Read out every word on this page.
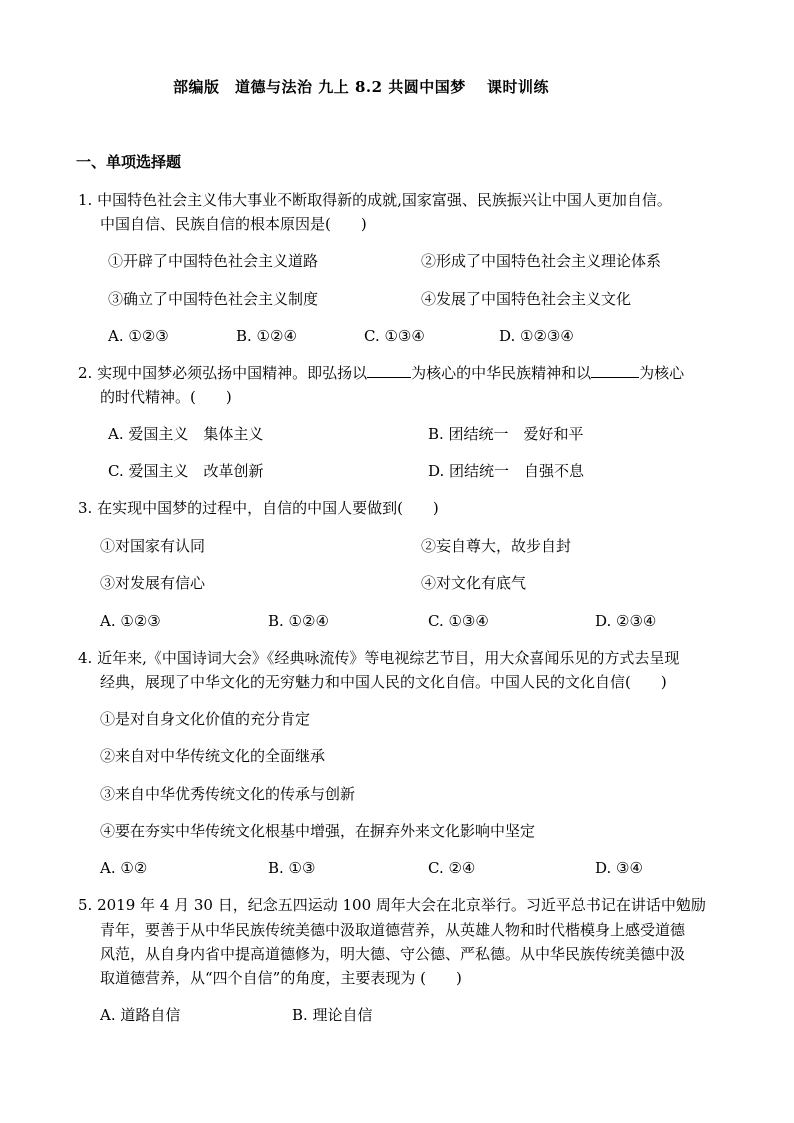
部编版　道德与法治 九上 8.2 共圆中国梦　 课时训练
一、单项选择题
1. 中国特色社会主义伟大事业不断取得新的成就,国家富强、民族振兴让中国人更加自信。
中国自信、民族自信的根本原因是(　　)
①开辟了中国特色社会主义道路	②形成了中国特色社会主义理论体系
③确立了中国特色社会主义制度	④发展了中国特色社会主义文化
A. ①②③	B. ①②④	C. ①③④	D. ①②③④
2. 实现中国梦必须弘扬中国精神。即弘扬以	为核心的中华民族精神和以	为核心
的时代精神。(　　)
A. 爱国主义　集体主义	B. 团结统一　爱好和平
C. 爱国主义　改革创新	D. 团结统一　自强不息
3. 在实现中国梦的过程中，自信的中国人要做到(　　)
①对国家有认同	②妄自尊大，故步自封
③对发展有信心	④对文化有底气
A. ①②③	B. ①②④	C. ①③④	D. ②③④
4. 近年来,《中国诗词大会》《经典咏流传》等电视综艺节目，用大众喜闻乐见的方式去呈现
经典，展现了中华文化的无穷魅力和中国人民的文化自信。中国人民的文化自信(　　)
①是对自身文化价值的充分肯定
②来自对中华传统文化的全面继承
③来自中华优秀传统文化的传承与创新
④要在夯实中华传统文化根基中增强，在摒弃外来文化影响中坚定
A. ①②	B. ①③	C. ②④	D. ③④
5. 2019 年 4 月 30 日，纪念五四运动 100 周年大会在北京举行。习近平总书记在讲话中勉励
青年，要善于从中华民族传统美德中汲取道德营养，从英雄人物和时代楷模身上感受道德
风范，从自身内省中提高道德修为，明大德、守公德、严私德。从中华民族传统美德中汲
取道德营养，从“四个自信”的角度，主要表现为 (　　)
A. 道路自信	B. 理论自信
